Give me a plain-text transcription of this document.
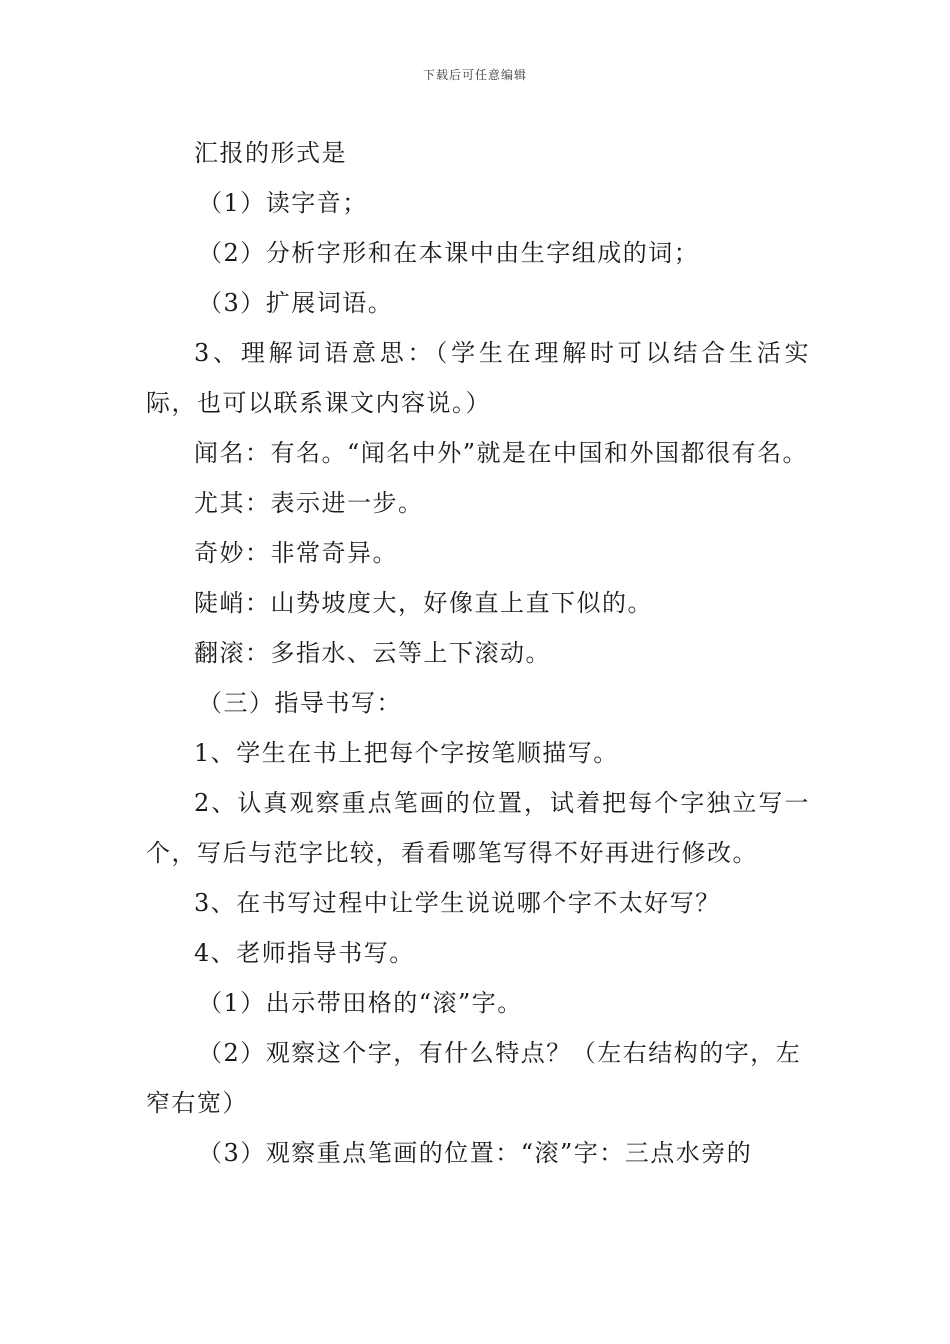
下载后可任意编辑
汇报的形式是
（1）读字音；
（2）分析字形和在本课中由生字组成的词；
（3）扩展词语。
3、理解词语意思：（学生在理解时可以结合生活实际，也可以联系课文内容说。）
闻名：有名。“闻名中外”就是在中国和外国都很有名。
尤其：表示进一步。
奇妙：非常奇异。
陡峭：山势坡度大，好像直上直下似的。
翻滚：多指水、云等上下滚动。
（三）指导书写：
1、学生在书上把每个字按笔顺描写。
2、认真观察重点笔画的位置，试着把每个字独立写一个，写后与范字比较，看看哪笔写得不好再进行修改。
3、在书写过程中让学生说说哪个字不太好写？
4、老师指导书写。
（1）出示带田格的“滚”字。
（2）观察这个字，有什么特点？（左右结构的字，左窄右宽）
（3）观察重点笔画的位置：“滚”字：三点水旁的
